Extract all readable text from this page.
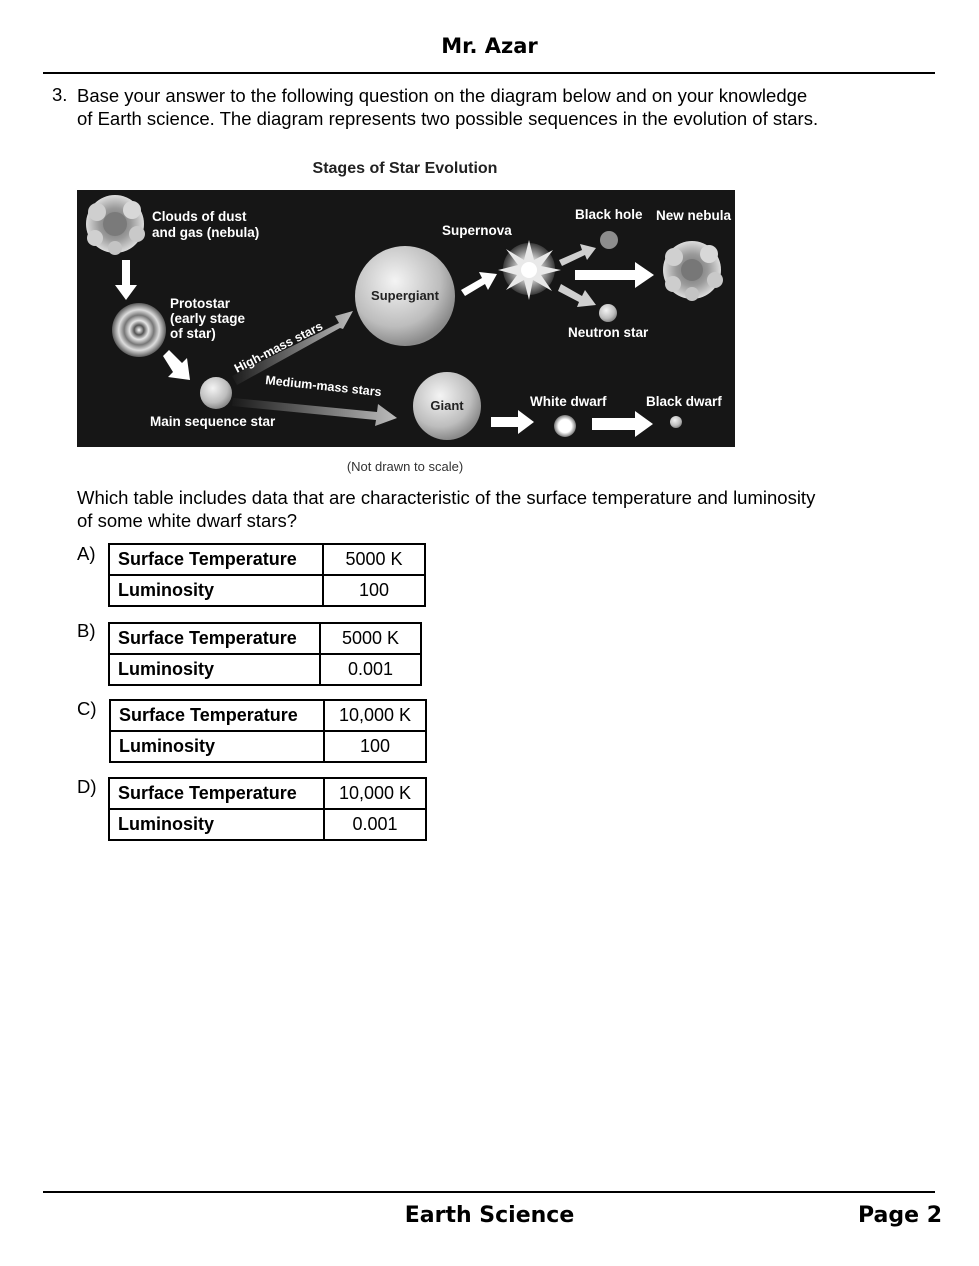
Mr. Azar
3. Base your answer to the following question on the diagram below and on your knowledge
of Earth science. The diagram represents two possible sequences in the evolution of stars.
Stages of Star Evolution
Clouds of dust
and gas (nebula)
Protostar
(early stage
of star)
Main sequence star
High-mass stars
Medium-mass stars
Supergiant
Supernova
Black hole New nebula
Neutron star
Giant	White dwarf	Black dwarf
(Not drawn to scale)
Which table includes data that are characteristic of the surface temperature and luminosity
of some white dwarf stars?
A) Surface Temperature	5000 K
Luminosity	100
B) Surface Temperature	5000 K
Luminosity	0.001
C) Surface Temperature	10,000 K
Luminosity	100
D) Surface Temperature	10,000 K
Luminosity	0.001
Earth Science	Page 2
